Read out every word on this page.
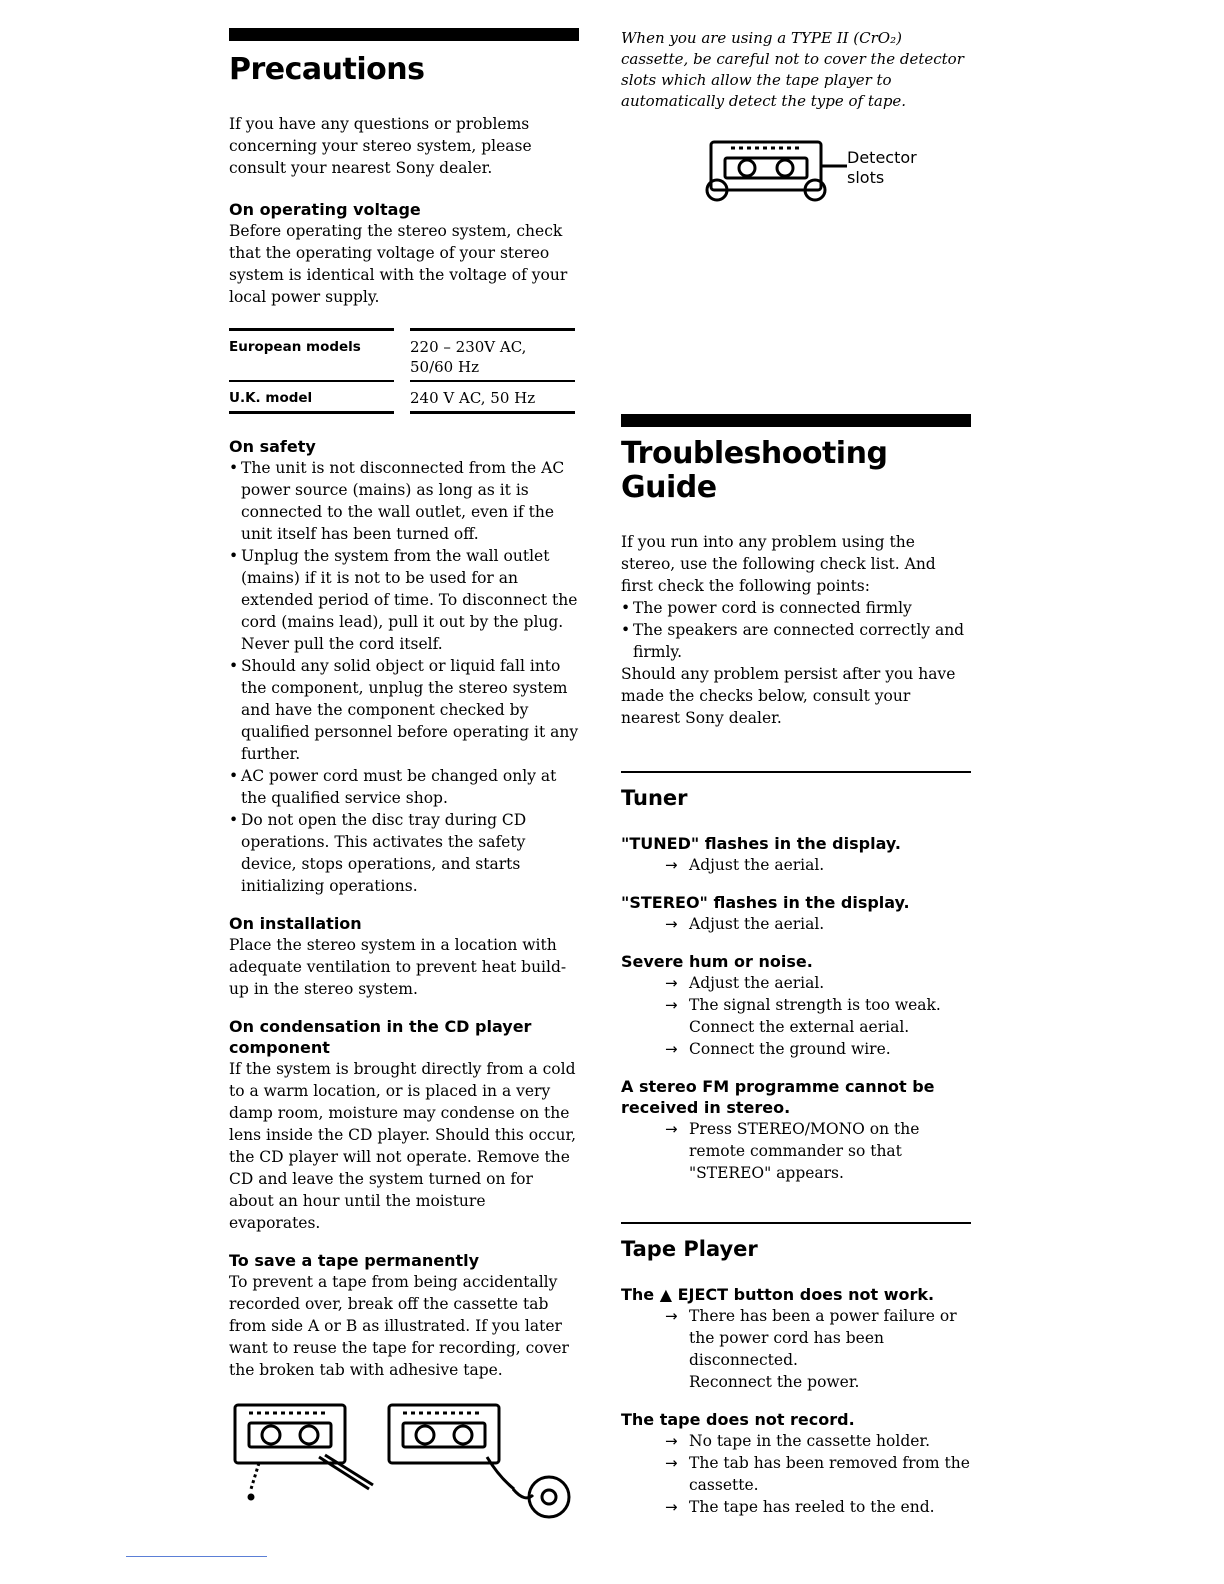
Precautions

If you have any questions or problems concerning your stereo system, please consult your nearest Sony dealer.

On operating voltage

Before operating the stereo system, check that the operating voltage of your stereo system is identical with the voltage of your local power supply.

European models		220 – 230V AC,
50/60 Hz
U.K. model		240 V AC, 50 Hz
On safety
• The unit is not disconnected from the AC power source (mains) as long as it is connected to the wall outlet, even if the unit itself has been turned off.
• Unplug the system from the wall outlet (mains) if it is not to be used for an extended period of time. To disconnect the cord (mains lead), pull it out by the plug. Never pull the cord itself.
• Should any solid object or liquid fall into the component, unplug the stereo system and have the component checked by qualified personnel before operating it any further.
• AC power cord must be changed only at the qualified service shop.
• Do not open the disc tray during CD operations. This activates the safety device, stops operations, and starts initializing operations.
On installation

Place the stereo system in a location with adequate ventilation to prevent heat build-up in the stereo system.

On condensation in the CD player component

If the system is brought directly from a cold to a warm location, or is placed in a very damp room, moisture may condense on the lens inside the CD player. Should this occur, the CD player will not operate. Remove the CD and leave the system turned on for about an hour until the moisture evaporates.

To save a tape permanently

To prevent a tape from being accidentally recorded over, break off the cassette tab from side A or B as illustrated. If you later want to reuse the tape for recording, cover the broken tab with adhesive tape.

When you are using a TYPE II (CrO₂) cassette, be careful not to cover the detector slots which allow the tape player to automatically detect the type of tape.

Detector
slots
Troubleshooting
Guide

If you run into any problem using the stereo, use the following check list. And first check the following points:

• The power cord is connected firmly
• The speakers are connected correctly and firmly.

Should any problem persist after you have made the checks below, consult your nearest Sony dealer.

Tuner
"TUNED" flashes in the display.
→ Adjust the aerial.
"STEREO" flashes in the display.
→ Adjust the aerial.
Severe hum or noise.
→ Adjust the aerial.
→ The signal strength is too weak.
Connect the external aerial.
→ Connect the ground wire.
A stereo FM programme cannot be received in stereo.
→ Press STEREO/MONO on the remote commander so that "STEREO" appears.
Tape Player
The ▲ EJECT button does not work.
→ There has been a power failure or the power cord has been disconnected.
Reconnect the power.
The tape does not record.
→ No tape in the cassette holder.
→ The tab has been removed from the cassette.
→ The tape has reeled to the end.
